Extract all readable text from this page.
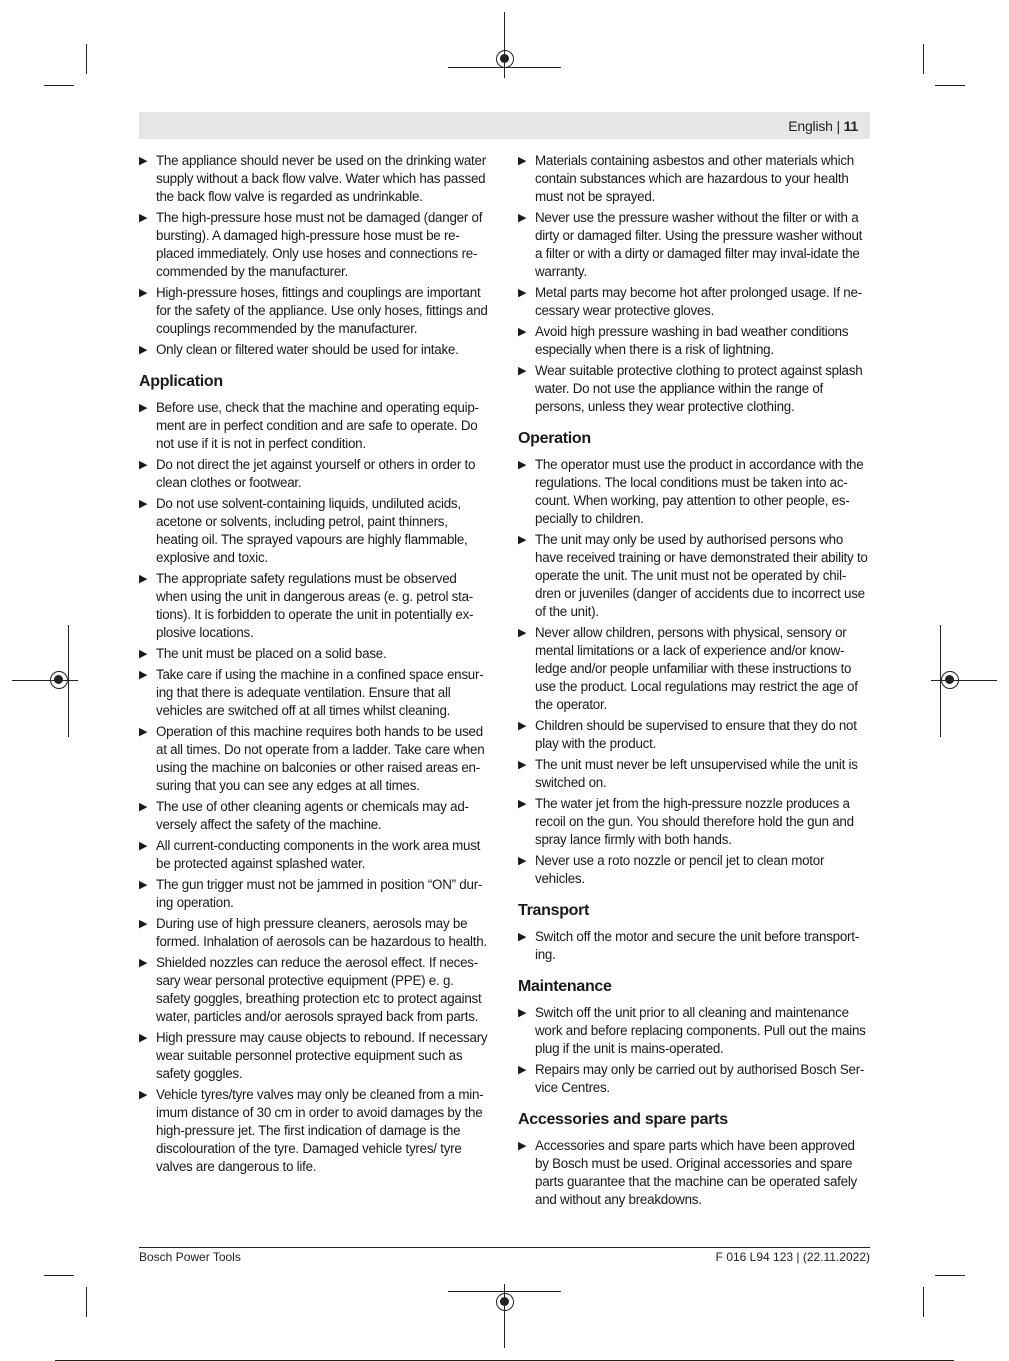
English | 11
▶ The appliance should never be used on the drinking water supply without a back flow valve. Water which has passed the back flow valve is regarded as undrinkable.
▶ The high-pressure hose must not be damaged (danger of bursting). A damaged high-pressure hose must be re-placed immediately. Only use hoses and connections re-commended by the manufacturer.
▶ High-pressure hoses, fittings and couplings are important for the safety of the appliance. Use only hoses, fittings and couplings recommended by the manufacturer.
▶ Only clean or filtered water should be used for intake.
Application
▶ Before use, check that the machine and operating equip-ment are in perfect condition and are safe to operate. Do not use if it is not in perfect condition.
▶ Do not direct the jet against yourself or others in order to clean clothes or footwear.
▶ Do not use solvent-containing liquids, undiluted acids, acetone or solvents, including petrol, paint thinners, heating oil. The sprayed vapours are highly flammable, explosive and toxic.
▶ The appropriate safety regulations must be observed when using the unit in dangerous areas (e. g. petrol sta-tions). It is forbidden to operate the unit in potentially ex-plosive locations.
▶ The unit must be placed on a solid base.
▶ Take care if using the machine in a confined space ensur-ing that there is adequate ventilation. Ensure that all vehicles are switched off at all times whilst cleaning.
▶ Operation of this machine requires both hands to be used at all times. Do not operate from a ladder. Take care when using the machine on balconies or other raised areas en-suring that you can see any edges at all times.
▶ The use of other cleaning agents or chemicals may ad-versely affect the safety of the machine.
▶ All current-conducting components in the work area must be protected against splashed water.
▶ The gun trigger must not be jammed in position “ON” dur-ing operation.
▶ During use of high pressure cleaners, aerosols may be formed. Inhalation of aerosols can be hazardous to health.
▶ Shielded nozzles can reduce the aerosol effect. If neces-sary wear personal protective equipment (PPE) e. g. safety goggles, breathing protection etc to protect against water, particles and/or aerosols sprayed back from parts.
▶ High pressure may cause objects to rebound. If necessary wear suitable personnel protective equipment such as safety goggles.
▶ Vehicle tyres/tyre valves may only be cleaned from a min-imum distance of 30 cm in order to avoid damages by the high-pressure jet. The first indication of damage is the discolouration of the tyre. Damaged vehicle tyres/ tyre valves are dangerous to life.
▶ Materials containing asbestos and other materials which contain substances which are hazardous to your health must not be sprayed.
▶ Never use the pressure washer without the filter or with a dirty or damaged filter. Using the pressure washer without a filter or with a dirty or damaged filter may inval-idate the warranty.
▶ Metal parts may become hot after prolonged usage. If ne-cessary wear protective gloves.
▶ Avoid high pressure washing in bad weather conditions especially when there is a risk of lightning.
▶ Wear suitable protective clothing to protect against splash water. Do not use the appliance within the range of persons, unless they wear protective clothing.
Operation
▶ The operator must use the product in accordance with the regulations. The local conditions must be taken into ac-count. When working, pay attention to other people, es-pecially to children.
▶ The unit may only be used by authorised persons who have received training or have demonstrated their ability to operate the unit. The unit must not be operated by chil-dren or juveniles (danger of accidents due to incorrect use of the unit).
▶ Never allow children, persons with physical, sensory or mental limitations or a lack of experience and/or know-ledge and/or people unfamiliar with these instructions to use the product. Local regulations may restrict the age of the operator.
▶ Children should be supervised to ensure that they do not play with the product.
▶ The unit must never be left unsupervised while the unit is switched on.
▶ The water jet from the high-pressure nozzle produces a recoil on the gun. You should therefore hold the gun and spray lance firmly with both hands.
▶ Never use a roto nozzle or pencil jet to clean motor vehicles.
Transport
▶ Switch off the motor and secure the unit before transport-ing.
Maintenance
▶ Switch off the unit prior to all cleaning and maintenance work and before replacing components. Pull out the mains plug if the unit is mains-operated.
▶ Repairs may only be carried out by authorised Bosch Ser-vice Centres.
Accessories and spare parts
▶ Accessories and spare parts which have been approved by Bosch must be used. Original accessories and spare parts guarantee that the machine can be operated safely and without any breakdowns.
Bosch Power Tools	F 016 L94 123 | (22.11.2022)
